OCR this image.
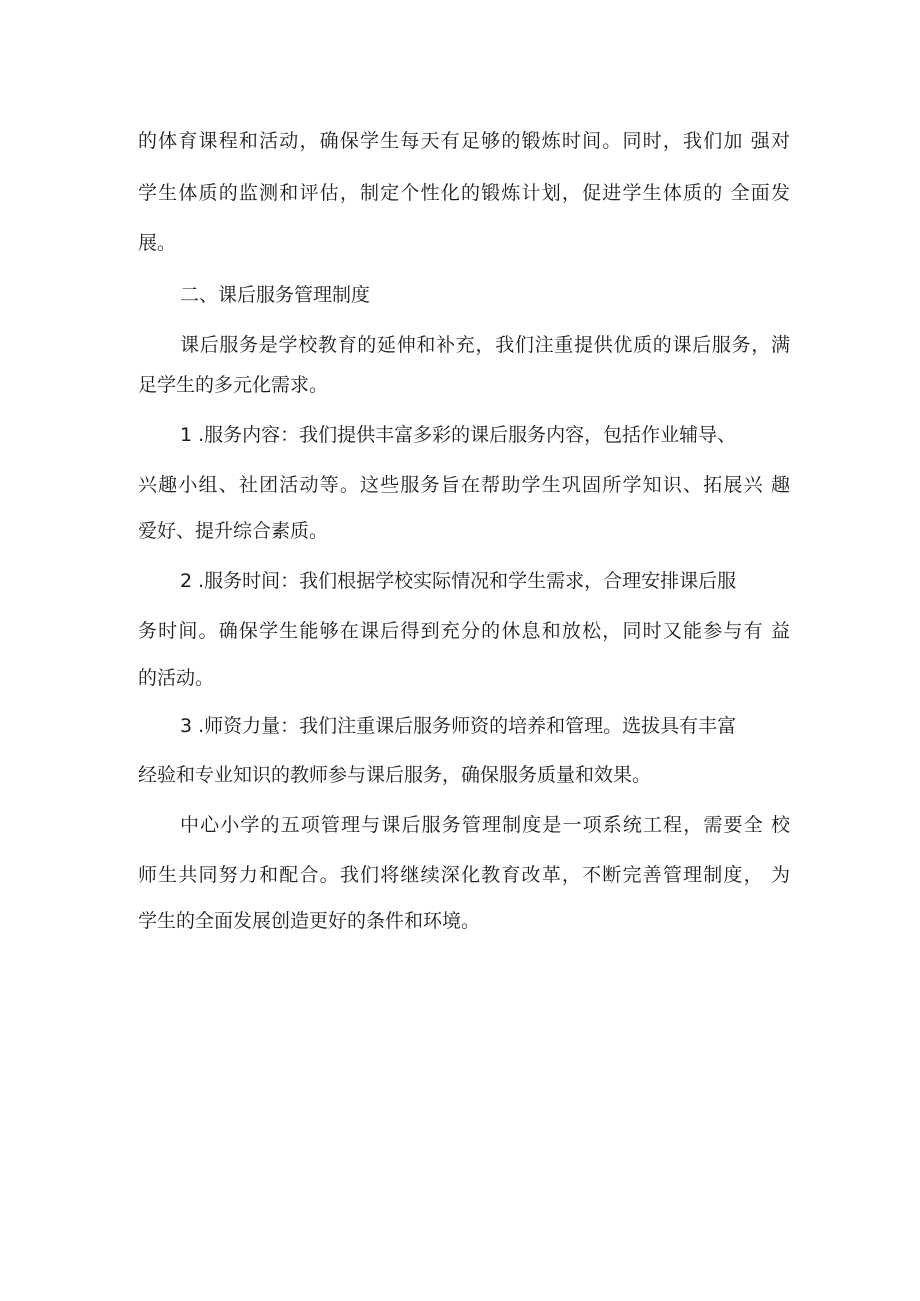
的体育课程和活动，确保学生每天有足够的锻炼时间。同时，我们加 强对
学生体质的监测和评估，制定个性化的锻炼计划，促进学生体质的 全面发
展。
二、课后服务管理制度
课后服务是学校教育的延伸和补充，我们注重提供优质的课后服务，满
足学生的多元化需求。
1 .服务内容：我们提供丰富多彩的课后服务内容，包括作业辅导、
兴趣小组、社团活动等。这些服务旨在帮助学生巩固所学知识、拓展兴 趣
爱好、提升综合素质。
2 .服务时间：我们根据学校实际情况和学生需求，合理安排课后服
务时间。确保学生能够在课后得到充分的休息和放松，同时又能参与有 益
的活动。
3 .师资力量：我们注重课后服务师资的培养和管理。选拔具有丰富
经验和专业知识的教师参与课后服务，确保服务质量和效果。
中心小学的五项管理与课后服务管理制度是一项系统工程，需要全 校
师生共同努力和配合。我们将继续深化教育改革，不断完善管理制度， 为
学生的全面发展创造更好的条件和环境。
